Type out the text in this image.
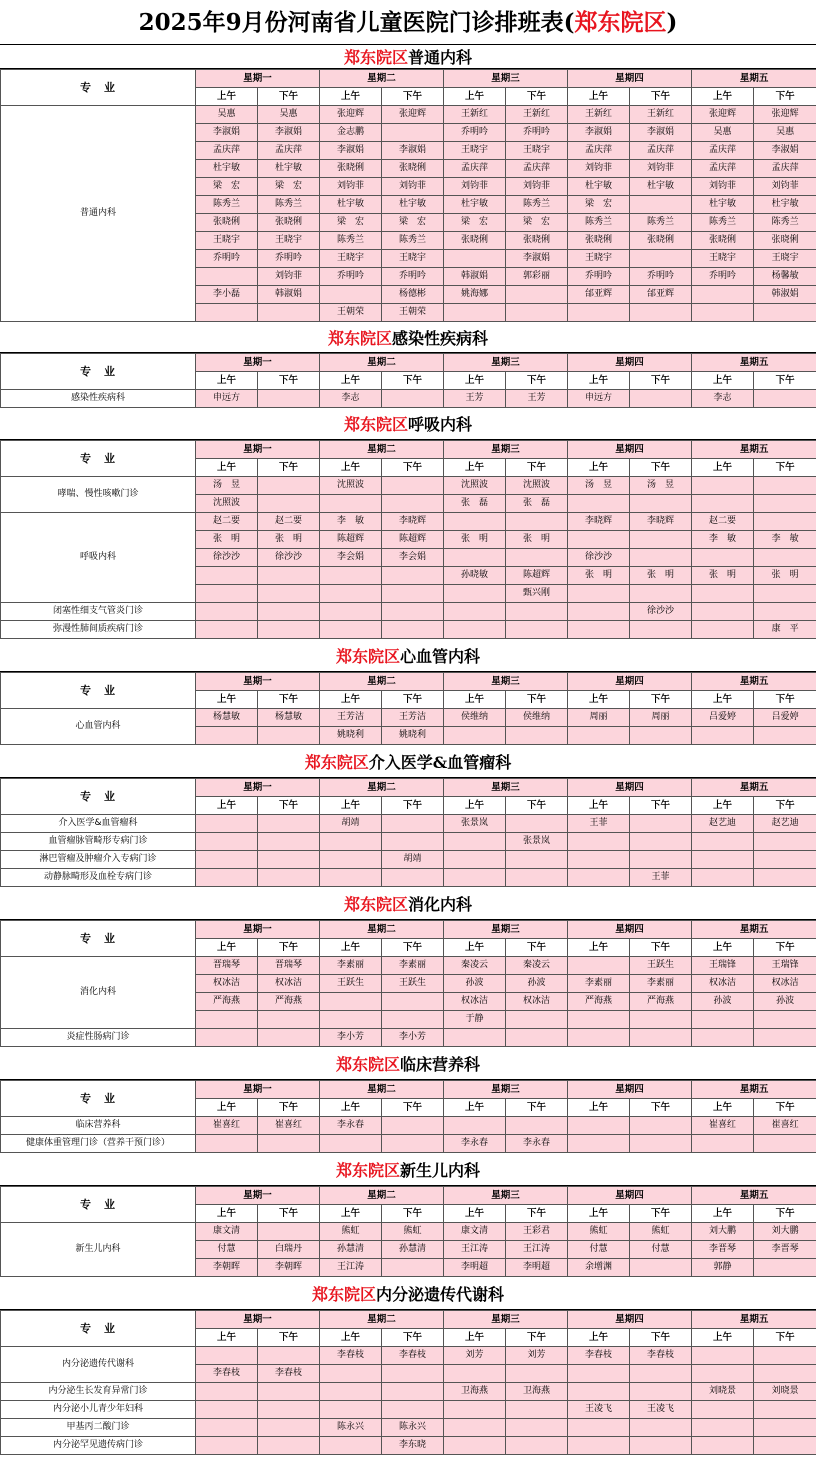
2025年9月份河南省儿童医院门诊排班表(郑东院区)
郑东院区 普通内科
专　业	星期一		星期二		星期三		星期四		星期五	
	上午	下午	上午	下午	上午	下午	上午	下午	上午	下午
普通内科	吴惠	吴惠	张迎辉	张迎辉	王新红	王新红	王新红	王新红	张迎辉	张迎辉
	李淑娟	李淑娟	金志鹏		乔明吟	乔明吟	李淑娟	李淑娟	吴惠	吴惠
	孟庆萍	孟庆萍	李淑娟	李淑娟	王晓宇	王晓宇	孟庆萍	孟庆萍	孟庆萍	李淑娟
	杜宇敏	杜宇敏	张晓俐	张晓俐	孟庆萍	孟庆萍	刘钧菲	刘钧菲	孟庆萍	孟庆萍
	梁　宏	梁　宏	刘钧菲	刘钧菲	刘钧菲	刘钧菲	杜宇敏	杜宇敏	刘钧菲	刘钧菲
	陈秀兰	陈秀兰	杜宇敏	杜宇敏	杜宇敏	陈秀兰	梁　宏		杜宇敏	杜宇敏
	张晓俐	张晓俐	梁　宏	梁　宏	梁　宏	梁　宏	陈秀兰	陈秀兰	陈秀兰	陈秀兰
	王晓宇	王晓宇	陈秀兰	陈秀兰	张晓俐	张晓俐	张晓俐	张晓俐	张晓俐	张晓俐
	乔明吟	乔明吟	王晓宇	王晓宇		李淑娟	王晓宇		王晓宇	王晓宇
		刘钧菲	乔明吟	乔明吟	韩淑娟	郭彩丽	乔明吟	乔明吟	乔明吟	杨馨敏
	李小磊	韩淑娟		杨德彬	姚海娜		邰亚辉	邰亚辉		韩淑娟
			王朝荣	王朝荣						
郑东院区 感染性疾病科
专　业	星期一		星期二		星期三		星期四		星期五	
	上午	下午	上午	下午	上午	下午	上午	下午	上午	下午
感染性疾病科	申远方		李志		王芳	王芳	申远方		李志	
郑东院区 呼吸内科
专　业	星期一		星期二		星期三		星期四		星期五	
	上午	下午	上午	下午	上午	下午	上午	下午	上午	下午
哮喘、慢性咳嗽门诊	汤　昱		沈照波		沈照波	沈照波	汤　昱	汤　昱		
	沈照波				张　磊	张　磊				
呼吸内科	赵二要	赵二要	李　敏	李晓辉			李晓辉	李晓辉	赵二要	
	张　明	张　明	陈超辉	陈超辉	张　明	张　明			李　敏	李　敏
	徐沙沙	徐沙沙	李会娟	李会娟			徐沙沙			
					孙晓敏	陈超辉	张　明	张　明	张　明	张　明
						甄兴刚				
闭塞性细支气管炎门诊								徐沙沙		
弥漫性肺间质疾病门诊										康　平
郑东院区 心血管内科
专　业	星期一		星期二		星期三		星期四		星期五	
	上午	下午	上午	下午	上午	下午	上午	下午	上午	下午
心血管内科	杨慧敏	杨慧敏	王芳洁	王芳洁	侯维纳	侯维纳	周丽	周丽	吕爱婷	吕爱婷
			姚晓利	姚晓利						
郑东院区 介入医学&血管瘤科
专　业	星期一		星期二		星期三		星期四		星期五	
	上午	下午	上午	下午	上午	下午	上午	下午	上午	下午
介入医学&血管瘤科			胡靖		张景岚		王菲		赵艺迪	赵艺迪
血管瘤脉管畸形专病门诊						张景岚				
淋巴管瘤及肿瘤介入专病门诊				胡靖						
动静脉畸形及血栓专病门诊								王菲		
郑东院区 消化内科
专　业	星期一		星期二		星期三		星期四		星期五	
	上午	下午	上午	下午	上午	下午	上午	下午	上午	下午
消化内科	晋瑞琴	晋瑞琴	李素丽	李素丽	秦凌云	秦凌云		王跃生	王瑞锋	王瑞锋
	权冰洁	权冰洁	王跃生	王跃生	孙波	孙波	李素丽	李素丽	权冰洁	权冰洁
	严海燕	严海燕			权冰洁	权冰洁	严海燕	严海燕	孙波	孙波
					于静					
炎症性肠病门诊			李小芳	李小芳						
郑东院区 临床营养科
专　业	星期一		星期二		星期三		星期四		星期五	
	上午	下午	上午	下午	上午	下午	上午	下午	上午	下午
临床营养科	崔喜红	崔喜红	李永春						崔喜红	崔喜红
健康体重管理门诊（营养干预门诊）					李永春	李永春				
郑东院区 新生儿内科
专　业	星期一		星期二		星期三		星期四		星期五	
	上午	下午	上午	下午	上午	下午	上午	下午	上午	下午
新生儿内科	康文清		熊虹	熊虹	康文清	王彩君	熊虹	熊虹	刘大鹏	刘大鹏
	付慧	白瑞丹	孙慧清	孙慧清	王江涛	王江涛	付慧	付慧	李晋琴	李晋琴
	李朝晖	李朝晖	王江涛		李明超	李明超	余增渊		郭静	
郑东院区 内分泌遗传代谢科
专　业	星期一		星期二		星期三		星期四		星期五	
	上午	下午	上午	下午	上午	下午	上午	下午	上午	下午
内分泌遗传代谢科			李春枝	李春枝	刘芳	刘芳	李春枝	李春枝		
	李春枝	李春枝								
内分泌生长发育异常门诊					卫海燕	卫海燕			刘晓景	刘晓景
内分泌小儿青少年妇科							王凌飞	王凌飞		
甲基丙二酸门诊			陈永兴	陈永兴						
内分泌罕见遗传病门诊				李东晓						
